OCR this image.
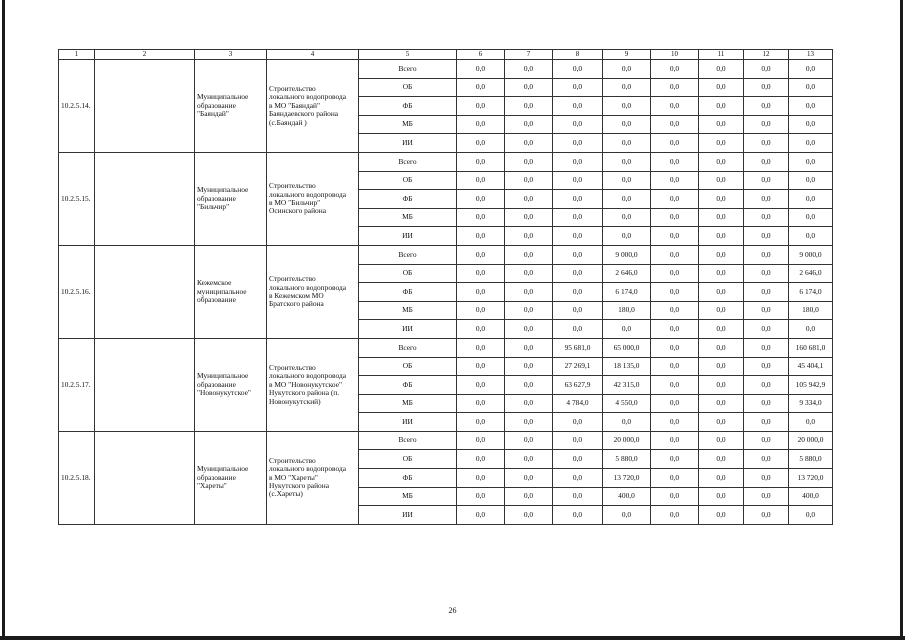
1	2	3	4	5	6	7	8	9	10	11	12	13
10.2.5.14.		Муниципальное
образование
"Баяндай"	Строительство
локального водопровода
в МО "Баяндай"
Баяндаевского района
(с.Баяндай )	Всего	0,0	0,0	0,0	0,0	0,0	0,0	0,0	0,0
				ОБ	0,0	0,0	0,0	0,0	0,0	0,0	0,0	0,0
				ФБ	0,0	0,0	0,0	0,0	0,0	0,0	0,0	0,0
				МБ	0,0	0,0	0,0	0,0	0,0	0,0	0,0	0,0
				ИИ	0,0	0,0	0,0	0,0	0,0	0,0	0,0	0,0
10.2.5.15.		Муниципальное
образование
"Бильчир"	Строительство
локального водопровода
в МО "Бильчир"
Осинского района	Всего	0,0	0,0	0,0	0,0	0,0	0,0	0,0	0,0
				ОБ	0,0	0,0	0,0	0,0	0,0	0,0	0,0	0,0
				ФБ	0,0	0,0	0,0	0,0	0,0	0,0	0,0	0,0
				МБ	0,0	0,0	0,0	0,0	0,0	0,0	0,0	0,0
				ИИ	0,0	0,0	0,0	0,0	0,0	0,0	0,0	0,0
10.2.5.16.		Кежемское
муниципальное
образование	Строительство
локального водопровода
в Кежемском МО
Братского района	Всего	0,0	0,0	0,0	9 000,0	0,0	0,0	0,0	9 000,0
				ОБ	0,0	0,0	0,0	2 646,0	0,0	0,0	0,0	2 646,0
				ФБ	0,0	0,0	0,0	6 174,0	0,0	0,0	0,0	6 174,0
				МБ	0,0	0,0	0,0	180,0	0,0	0,0	0,0	180,0
				ИИ	0,0	0,0	0,0	0,0	0,0	0,0	0,0	0,0
10.2.5.17.		Муниципальное
образование
"Новонукутское"	Строительство
локального водопровода
в МО "Новонукутское"
Нукутского района (п.
Новонукутский)	Всего	0,0	0,0	95 681,0	65 000,0	0,0	0,0	0,0	160 681,0
				ОБ	0,0	0,0	27 269,1	18 135,0	0,0	0,0	0,0	45 404,1
				ФБ	0,0	0,0	63 627,9	42 315,0	0,0	0,0	0,0	105 942,9
				МБ	0,0	0,0	4 784,0	4 550,0	0,0	0,0	0,0	9 334,0
				ИИ	0,0	0,0	0,0	0,0	0,0	0,0	0,0	0,0
10.2.5.18.		Муниципальное
образование
"Хареты"	Строительство
локального водопровода
в МО "Хареты"
Нукутского района
(с.Хареты)	Всего	0,0	0,0	0,0	20 000,0	0,0	0,0	0,0	20 000,0
				ОБ	0,0	0,0	0,0	5 880,0	0,0	0,0	0,0	5 880,0
				ФБ	0,0	0,0	0,0	13 720,0	0,0	0,0	0,0	13 720,0
				МБ	0,0	0,0	0,0	400,0	0,0	0,0	0,0	400,0
				ИИ	0,0	0,0	0,0	0,0	0,0	0,0	0,0	0,0
26
